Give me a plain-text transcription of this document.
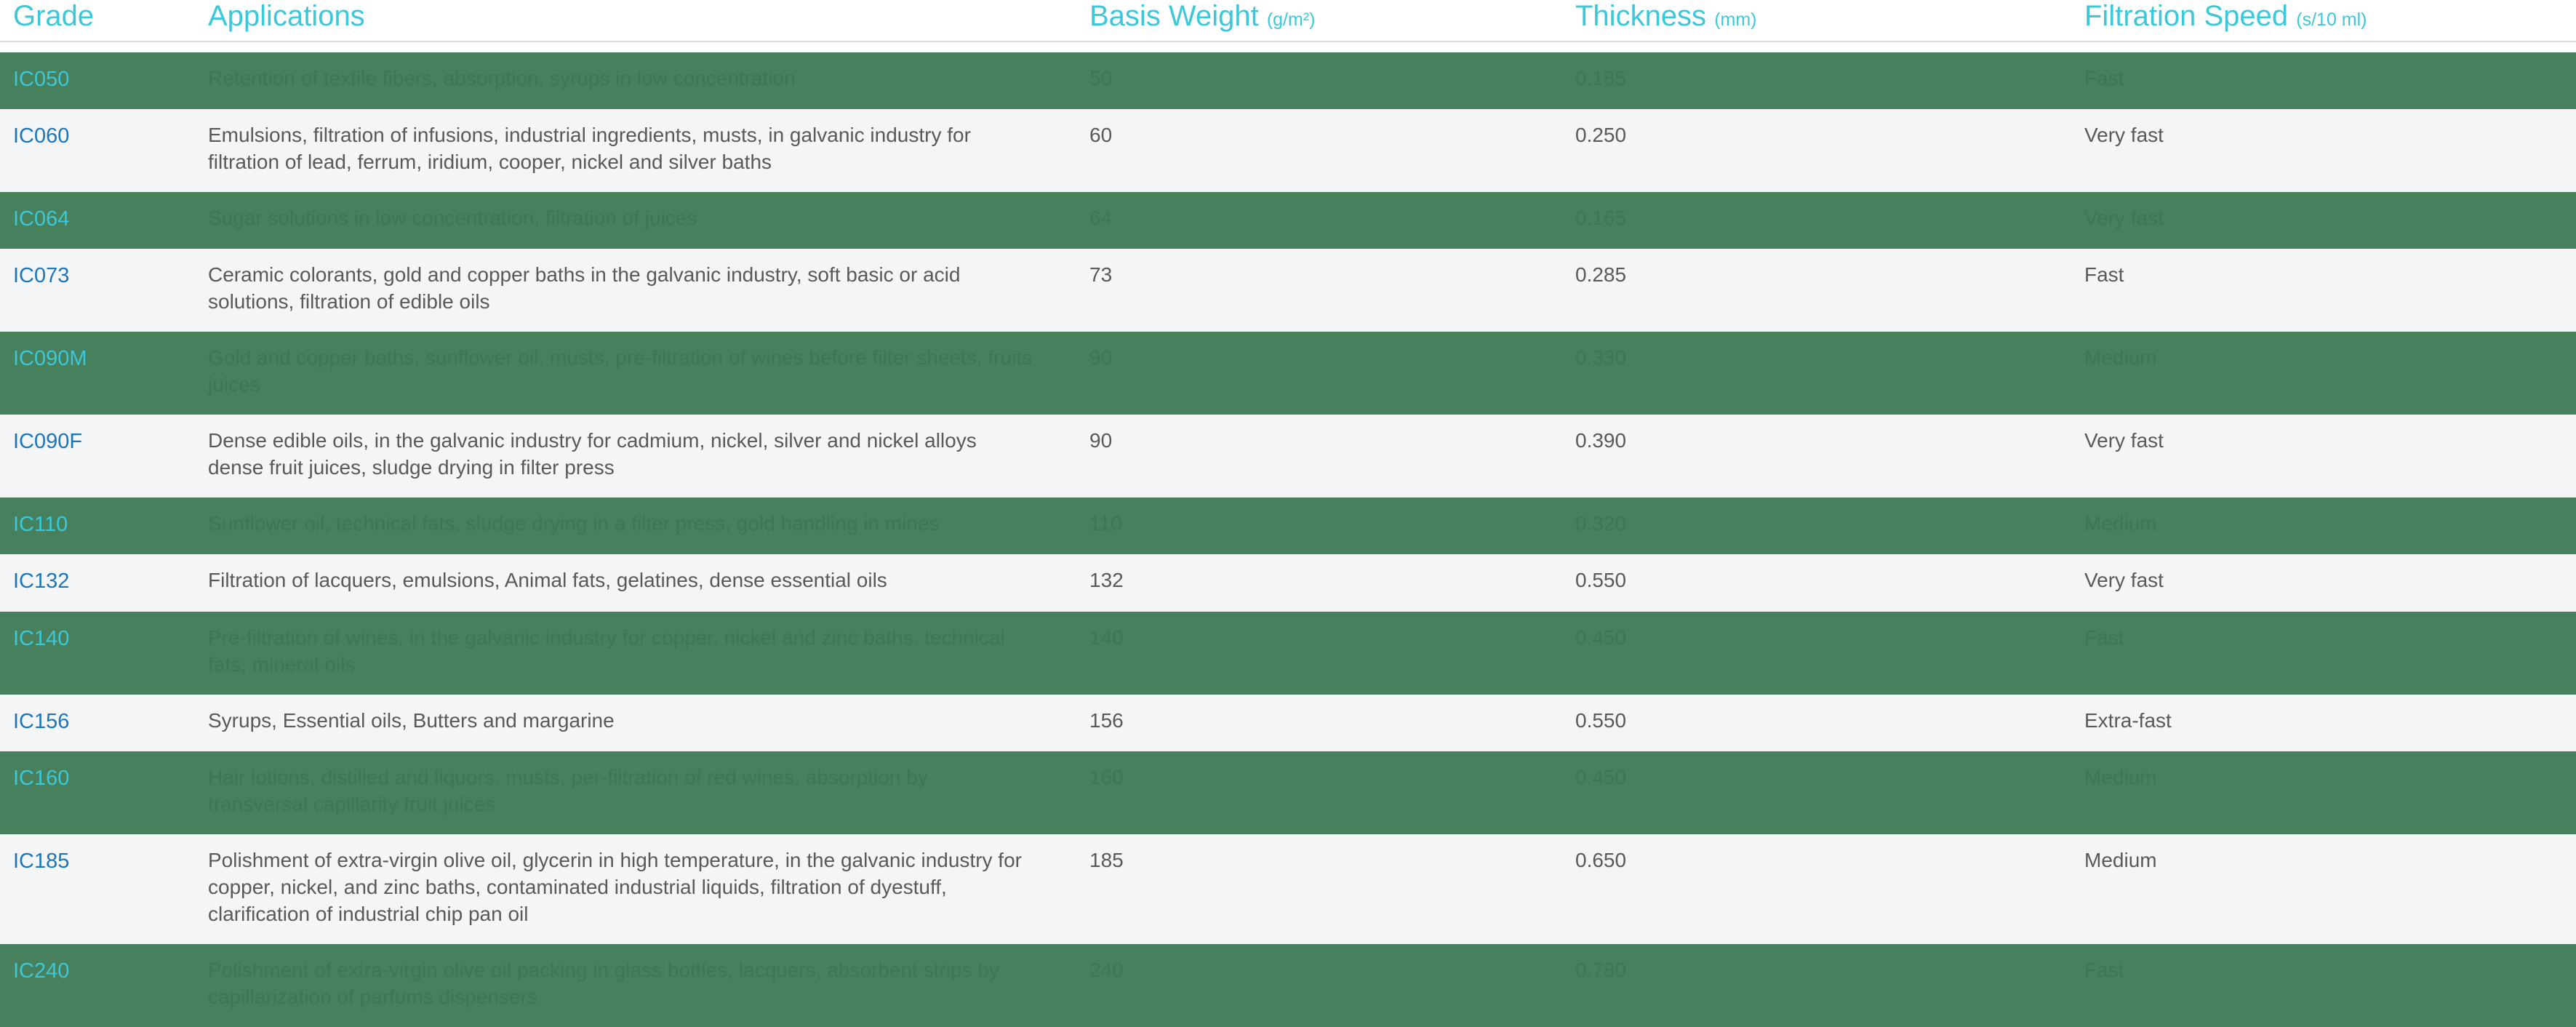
Grade	Applications	Basis Weight (g/m²)	Thickness (mm)	Filtration Speed (s/10 ml)

IC050	Retention of textile fibers, absorption, syrups in low concentration	50	0.185	Fast
IC060	Emulsions, filtration of infusions, industrial ingredients, musts, in galvanic industry for filtration of lead, ferrum, iridium, cooper, nickel and silver baths	60	0.250	Very fast
IC064	Sugar solutions in low concentration, filtration of juices	64	0.165	Very fast
IC073	Ceramic colorants, gold and copper baths in the galvanic industry, soft basic or acid solutions, filtration of edible oils	73	0.285	Fast
IC090M	Gold and copper baths, sunflower oil, musts, pre-filtration of wines before filter sheets, fruits juices	90	0.330	Medium
IC090F	Dense edible oils, in the galvanic industry for cadmium, nickel, silver and nickel alloys dense fruit juices, sludge drying in filter press	90	0.390	Very fast
IC110	Sunflower oil, technical fats, sludge drying in a filter press, gold handling in mines	110	0.320	Medium
IC132	Filtration of lacquers, emulsions, Animal fats, gelatines, dense essential oils	132	0.550	Very fast
IC140	Pre-filtration of wines, in the galvanic industry for copper, nickel and zinc baths, technical fats, mineral oils	140	0.450	Fast
IC156	Syrups, Essential oils, Butters and margarine	156	0.550	Extra-fast
IC160	Hair lotions, distilled and liquors, musts, per-filtration of red wines, absorption by transversal capillarity fruit juices	160	0.450	Medium
IC185	Polishment of extra-virgin olive oil, glycerin in high temperature, in the galvanic industry for copper, nickel, and zinc baths, contaminated industrial liquids, filtration of dyestuff, clarification of industrial chip pan oil	185	0.650	Medium
IC240	Polishment of extra-virgin olive oil packing in glass bottles, lacquers, absorbent strips by capillarization of parfums dispensers	240	0.780	Fast
